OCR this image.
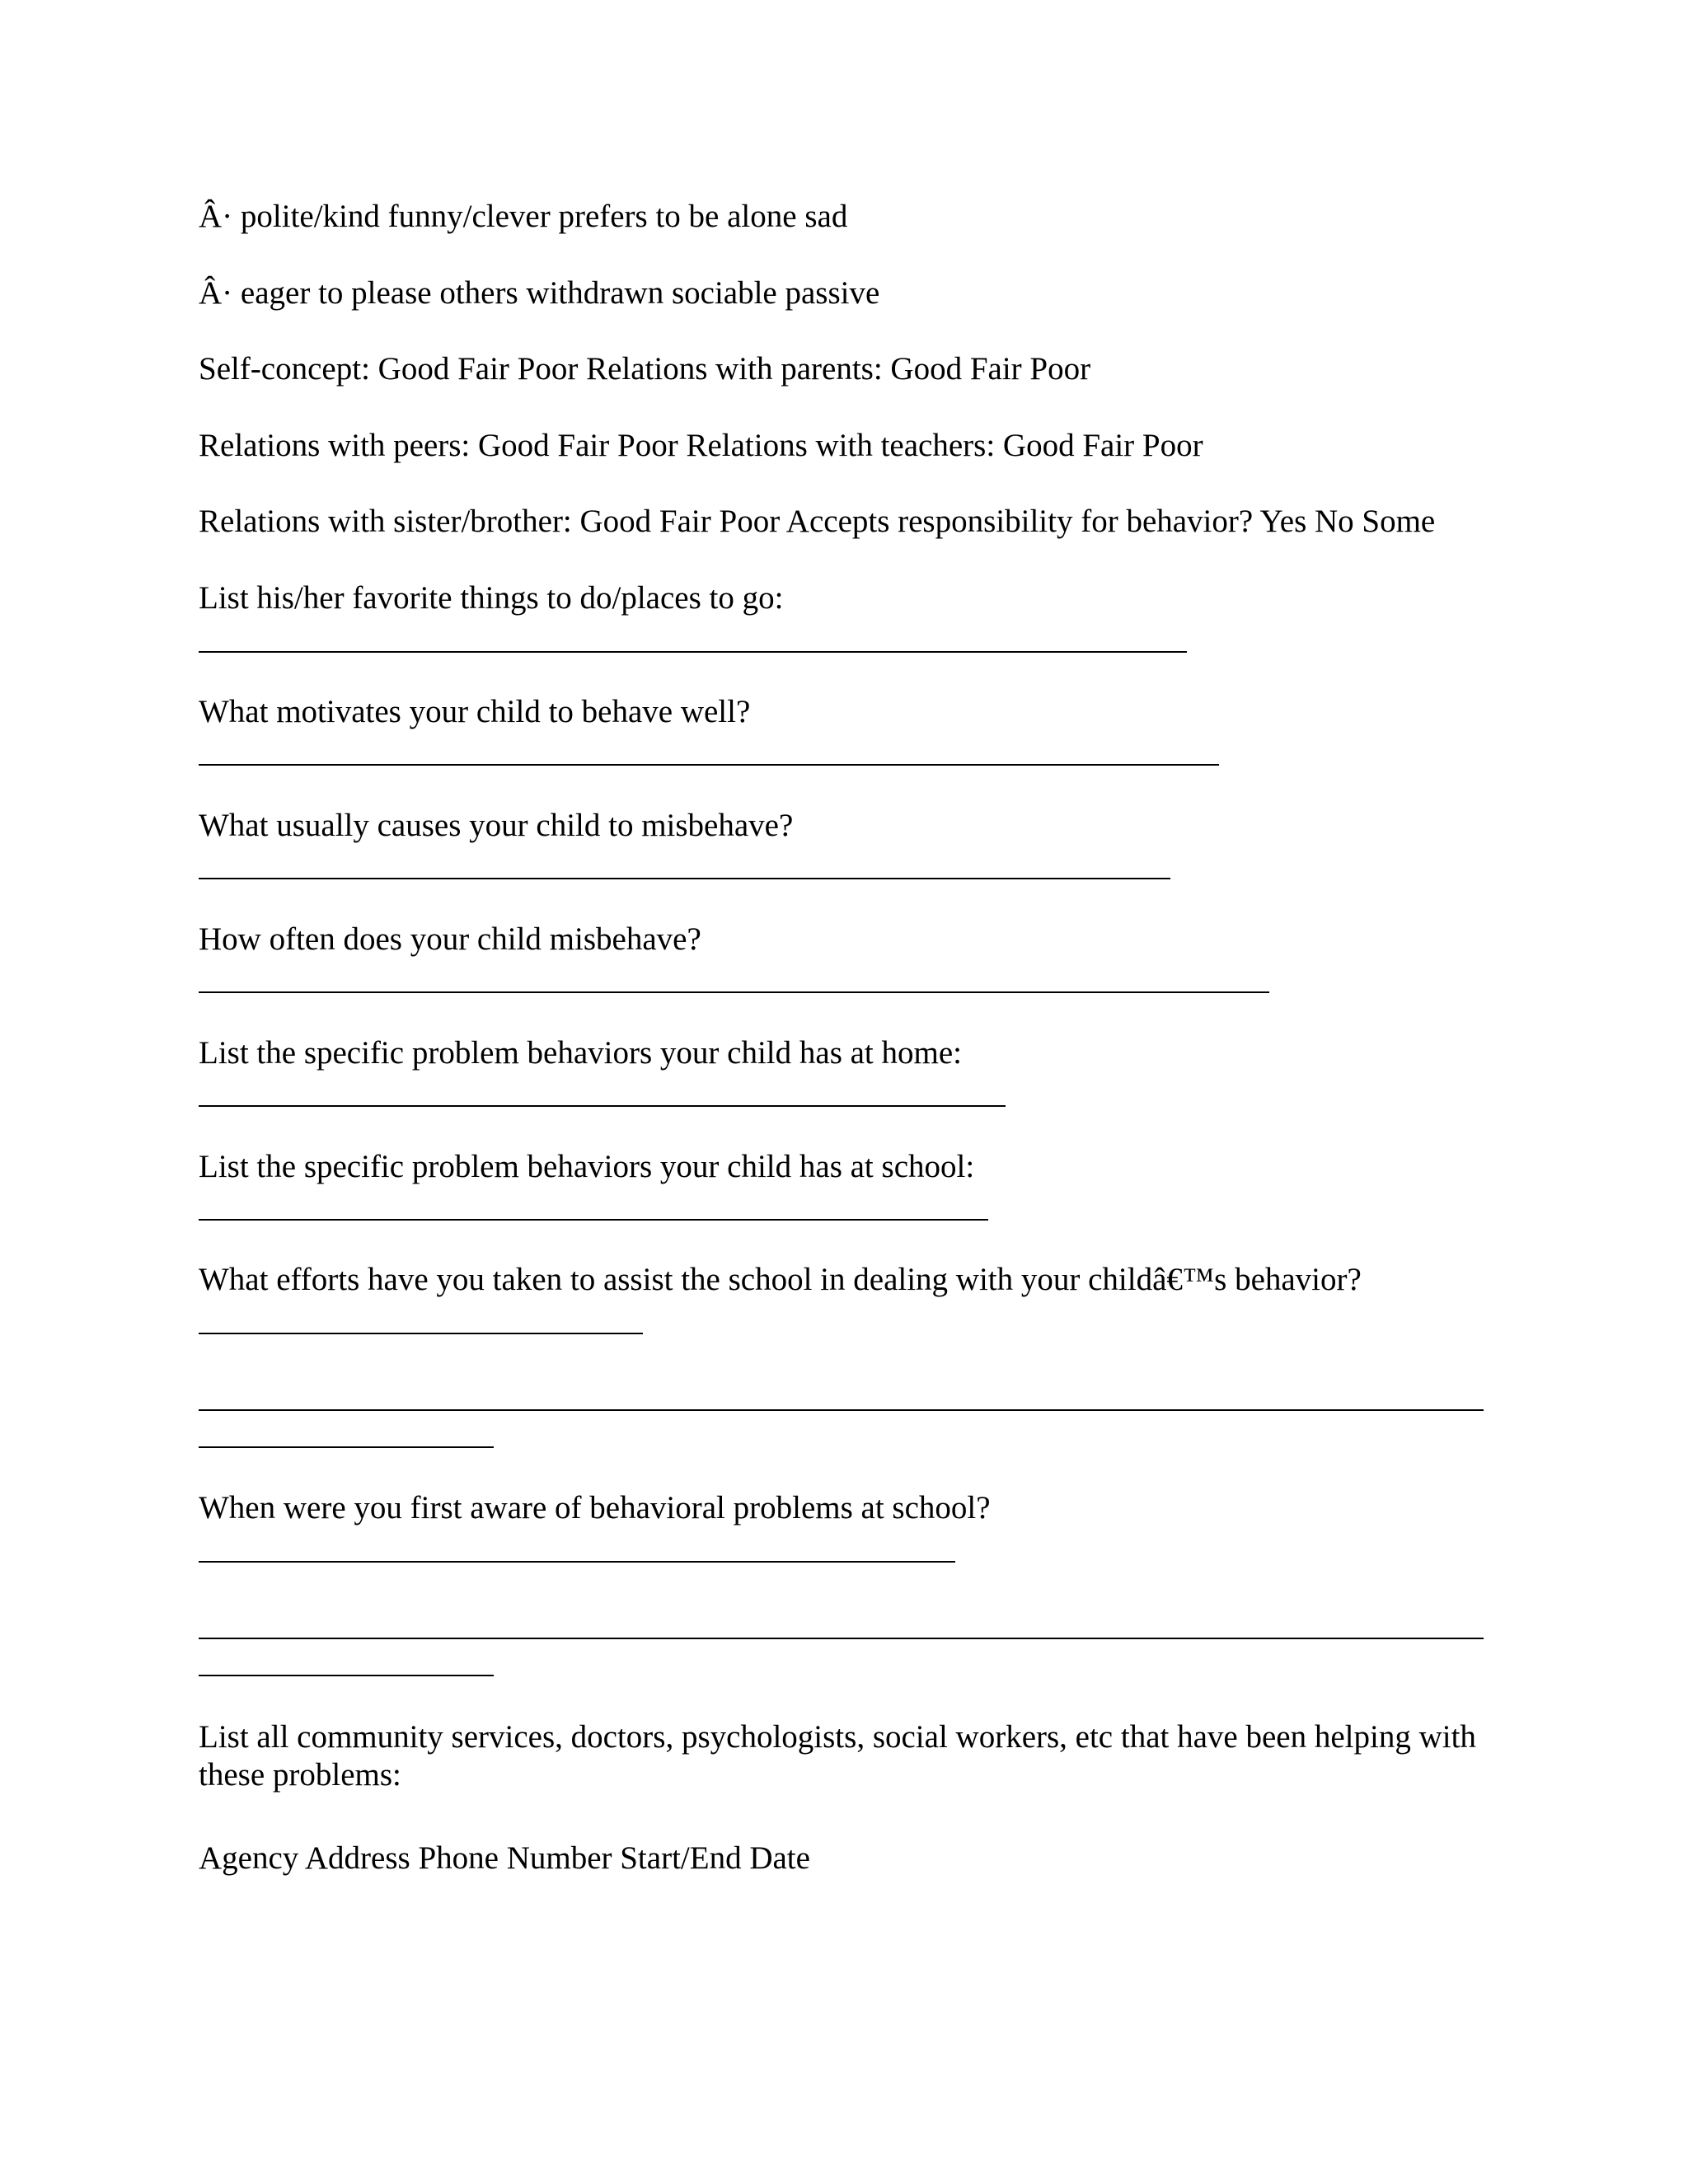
Â· polite/kind funny/clever prefers to be alone sad
Â· eager to please others withdrawn sociable passive
Self-concept: Good Fair Poor Relations with parents: Good Fair Poor
Relations with peers: Good Fair Poor Relations with teachers: Good Fair Poor
Relations with sister/brother: Good Fair Poor Accepts responsibility for behavior? Yes No Some
List his/her favorite things to do/places to go:
What motivates your child to behave well?
What usually causes your child to misbehave?
How often does your child misbehave?
List the specific problem behaviors your child has at home:
List the specific problem behaviors your child has at school:
What efforts have you taken to assist the school in dealing with your childâ€™s behavior?
When were you first aware of behavioral problems at school?
List all community services, doctors, psychologists, social workers, etc that have been helping with these problems:
Agency Address Phone Number Start/End Date
